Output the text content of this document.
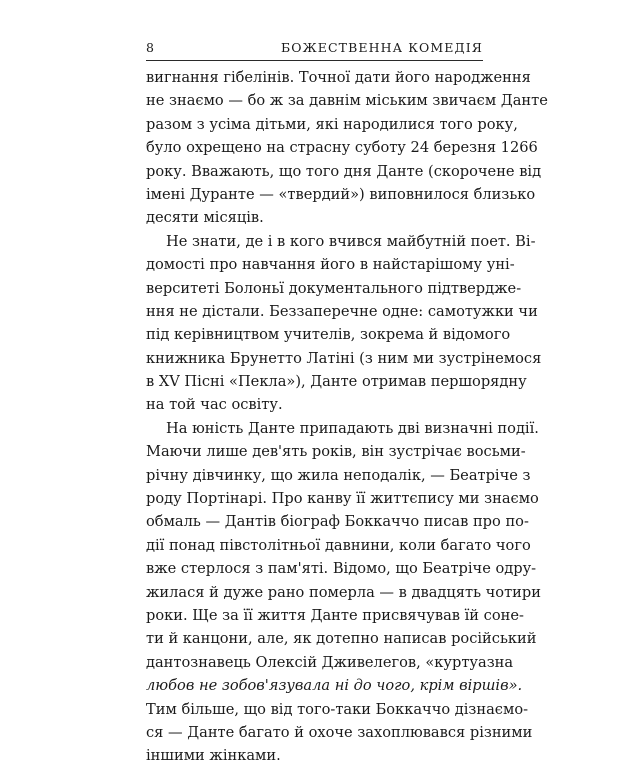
8	БОЖЕСТВЕННА КОМЕДІЯ
вигнання гібелінів. Точної дати його народження
не знаємо — бо ж за давнім міським звичаєм Данте
разом з усіма дітьми, які народилися того року,
було охрещено на страсну суботу 24 березня 1266
року. Вважають, що того дня Данте (скорочене від
імені Дуранте — «твердий») виповнилося близько
десяти місяців.
Не знати, де і в кого вчився майбутній поет. Ві-
домості про навчання його в найстарішому уні-
верситеті Болоньї документального підтвердже-
ння не дістали. Беззаперечне одне: самотужки чи
під керівництвом учителів, зокрема й відомого
книжника Брунетто Латіні (з ним ми зустрінемося
в XV Пісні «Пекла»), Данте отримав першорядну
на той час освіту.
На юність Данте припадають дві визначні події.
Маючи лише дев'ять років, він зустрічає восьми-
річну дівчинку, що жила неподалік, — Беатріче з
роду Портінарі. Про канву її життєпису ми знаємо
обмаль — Дантів біограф Боккаччо писав про по-
дії понад півстолітньої давнини, коли багато чого
вже стерлося з пам'яті. Відомо, що Беатріче одру-
жилася й дуже рано померла — в двадцять чотири
роки. Ще за її життя Данте присвячував їй соне-
ти й канцони, але, як дотепно написав російський
дантознавець Олексій Дживелегов, «куртуазна
любов не зобов'язувала ні до чого, крім віршів».
Тим більше, що від того-таки Боккаччо дізнаємо-
ся — Данте багато й охоче захоплювався різними
іншими жінками.
